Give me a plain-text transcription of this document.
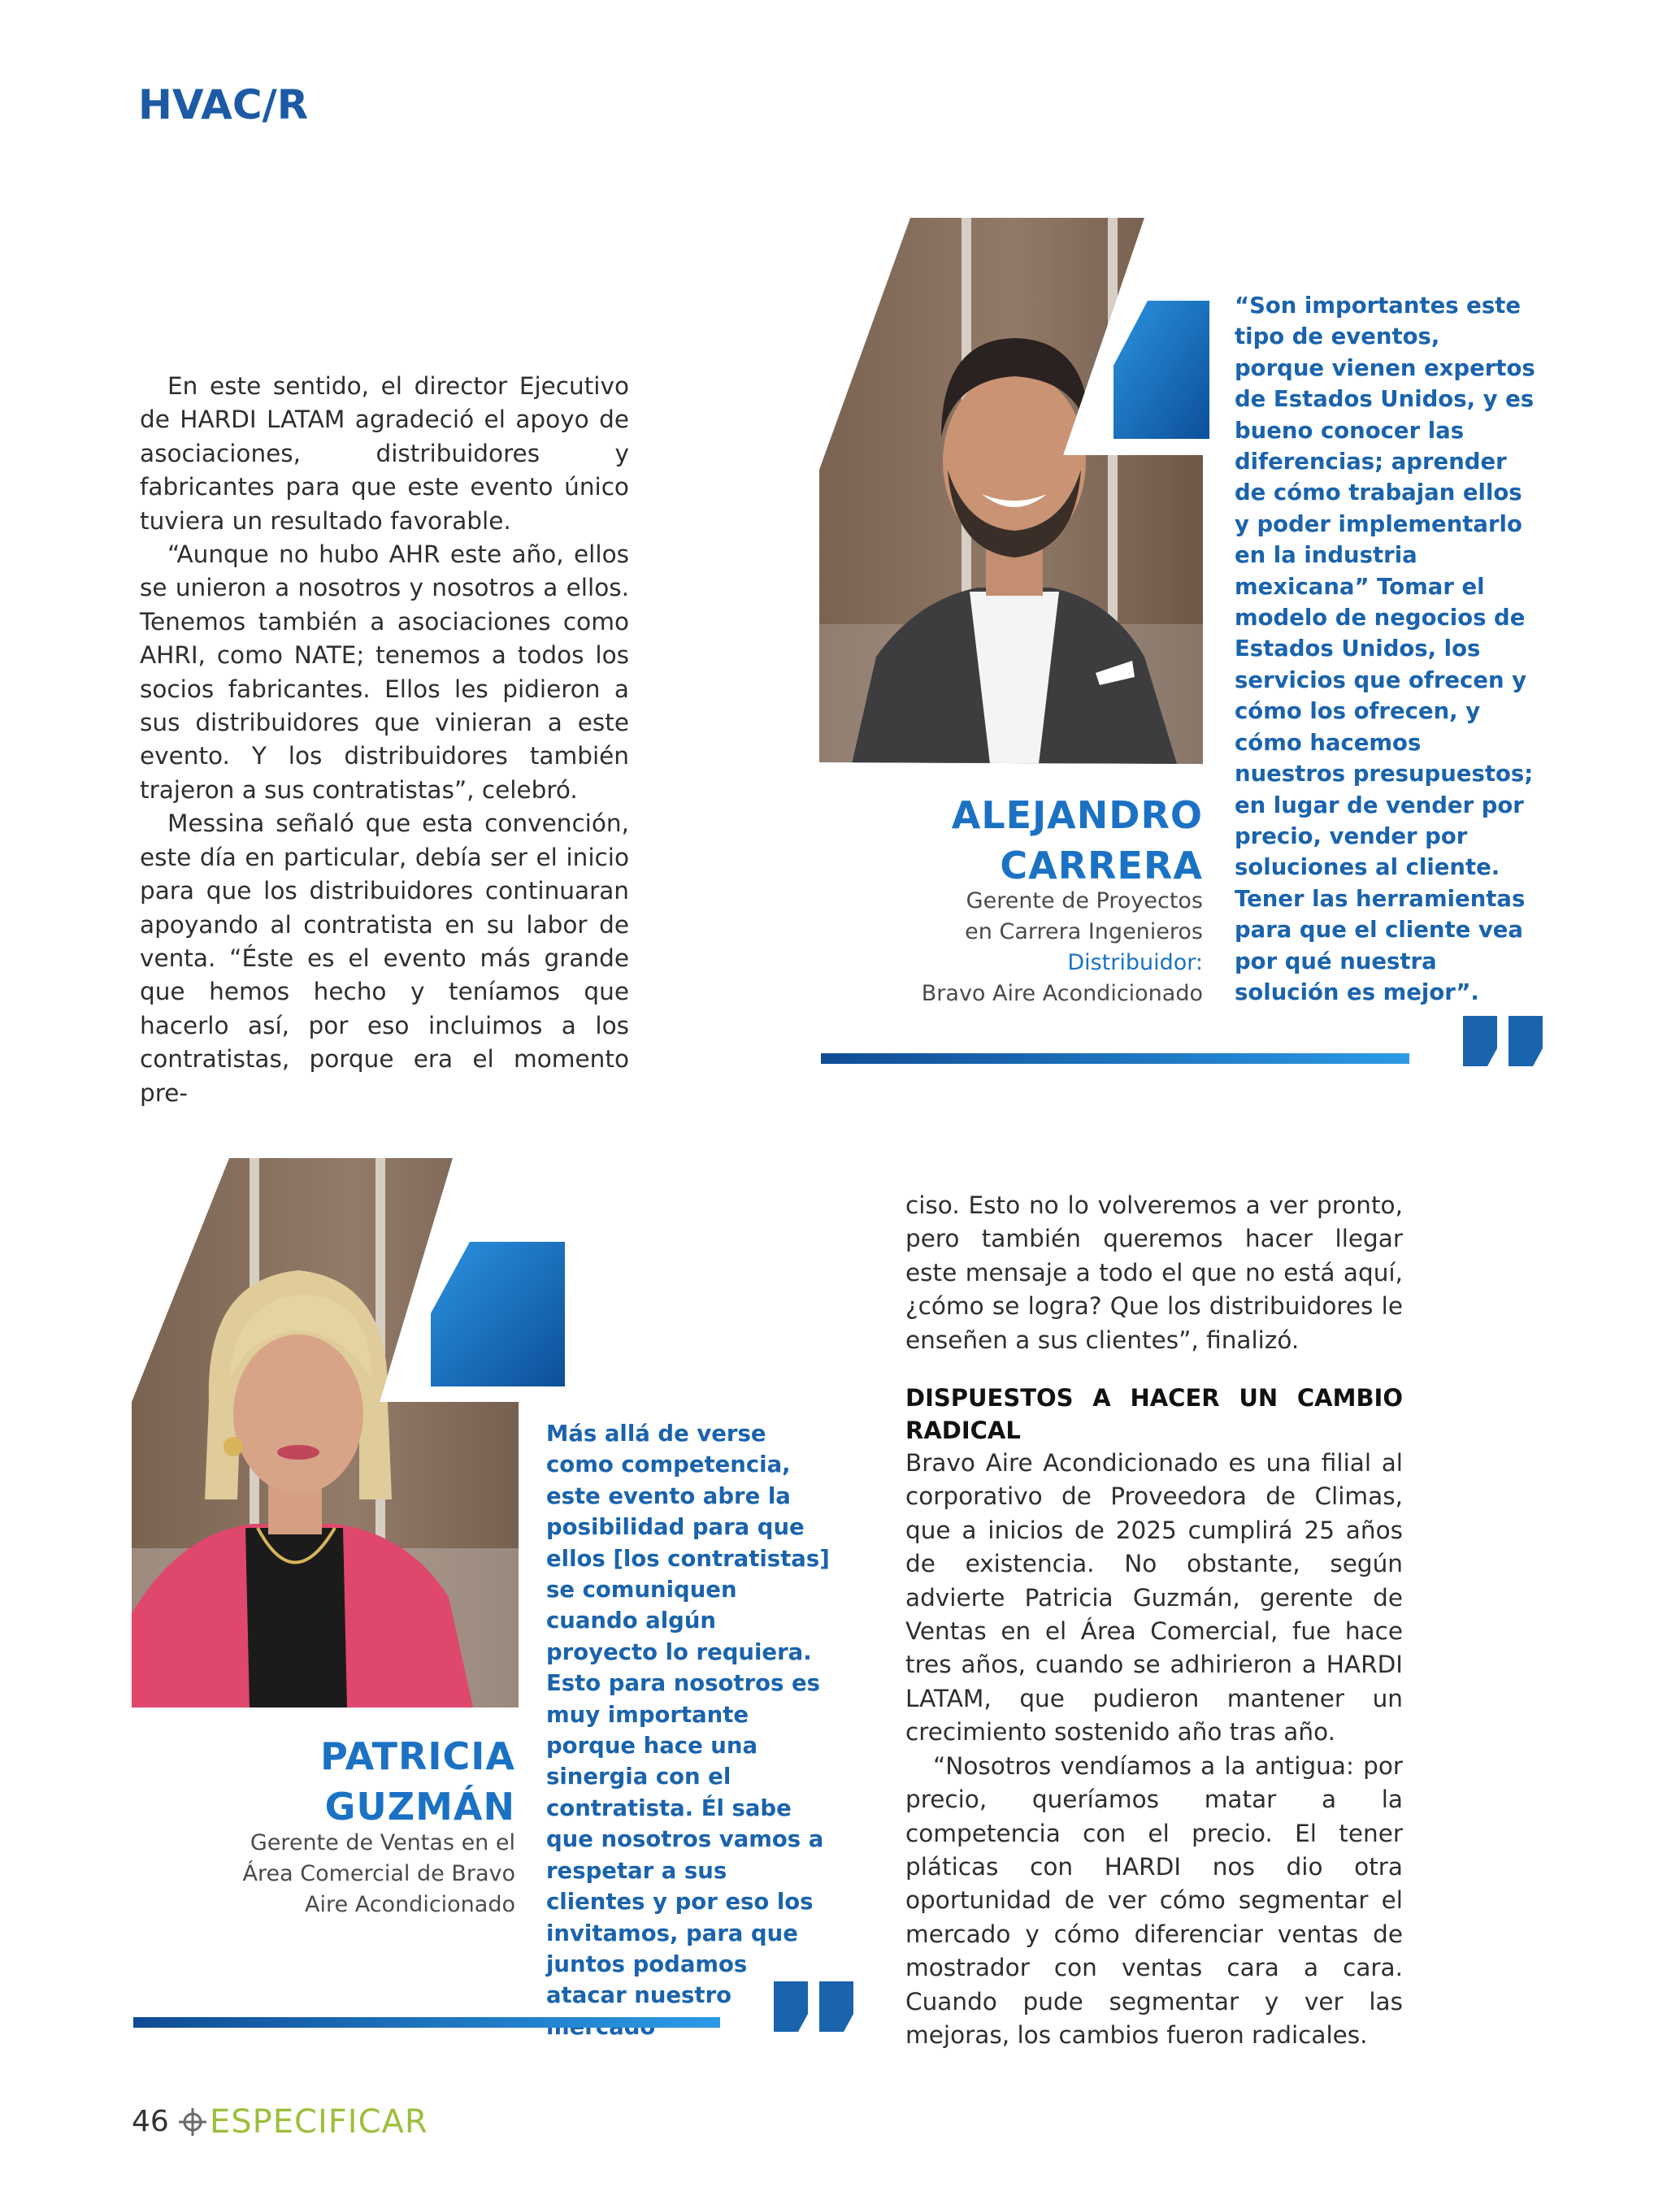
HVAC/R

En este sentido, el director Ejecutivo de HARDI LATAM agradeció el apoyo de asociaciones, distribuidores y fabricantes para que este evento único tuviera un resultado favorable.

“Aunque no hubo AHR este año, ellos se unieron a nosotros y nosotros a ellos. Tenemos también a asociaciones como AHRI, como NATE; tenemos a todos los socios fabricantes. Ellos les pidieron a sus distribuidores que vinieran a este evento. Y los distribuidores también trajeron a sus contratistas”, celebró.

Messina señaló que esta convención, este día en particular, debía ser el inicio para que los distribuidores continuaran apoyando al contratista en su labor de venta. “Éste es el evento más grande que hemos hecho y teníamos que hacerlo así, por eso incluimos a los contratistas, porque era el momento pre-

ALEJANDRO
CARRERA
Gerente de Proyectos
en Carrera Ingenieros
Distribuidor:
Bravo Aire Acondicionado
“Son importantes este tipo de eventos, porque vienen expertos de Estados Unidos, y es bueno conocer las diferencias; aprender de cómo trabajan ellos y poder implementarlo en la industria mexicana” Tomar el modelo de negocios de Estados Unidos, los servicios que ofrecen y cómo los ofrecen, y cómo hacemos nuestros presupuestos; en lugar de vender por precio, vender por soluciones al cliente. Tener las herramientas para que el cliente vea por qué nuestra solución es mejor”.
PATRICIA
GUZMÁN
Gerente de Ventas en el
Área Comercial de Bravo
Aire Acondicionado
Más allá de verse como competencia, este evento abre la posibilidad para que ellos [los contratistas] se comuniquen cuando algún proyecto lo requiera. Esto para nosotros es muy importante porque hace una sinergia con el contratista. Él sabe que nosotros vamos a respetar a sus clientes y por eso los invitamos, para que juntos podamos atacar nuestro

ciso. Esto no lo volveremos a ver pronto, pero también queremos hacer llegar este mensaje a todo el que no está aquí, ¿cómo se logra? Que los distribuidores le enseñen a sus clientes”, finalizó.

DISPUESTOS A HACER UN CAMBIO RADICAL

Bravo Aire Acondicionado es una filial al corporativo de Proveedora de Climas, que a inicios de 2025 cumplirá 25 años de existencia. No obstante, según advierte Patricia Guzmán, gerente de Ventas en el Área Comercial, fue hace tres años, cuando se adhirieron a HARDI LATAM, que pudieron mantener un crecimiento sostenido año tras año.

“Nosotros vendíamos a la antigua: por precio, queríamos matar a la competencia con el precio. El tener pláticas con HARDI nos dio otra oportunidad de ver cómo segmentar el mercado y cómo diferenciar ventas de mostrador con ventas cara a cara. Cuando pude segmentar y ver las mejoras, los cambios fueron radicales.

46 ESPECIFICAR
